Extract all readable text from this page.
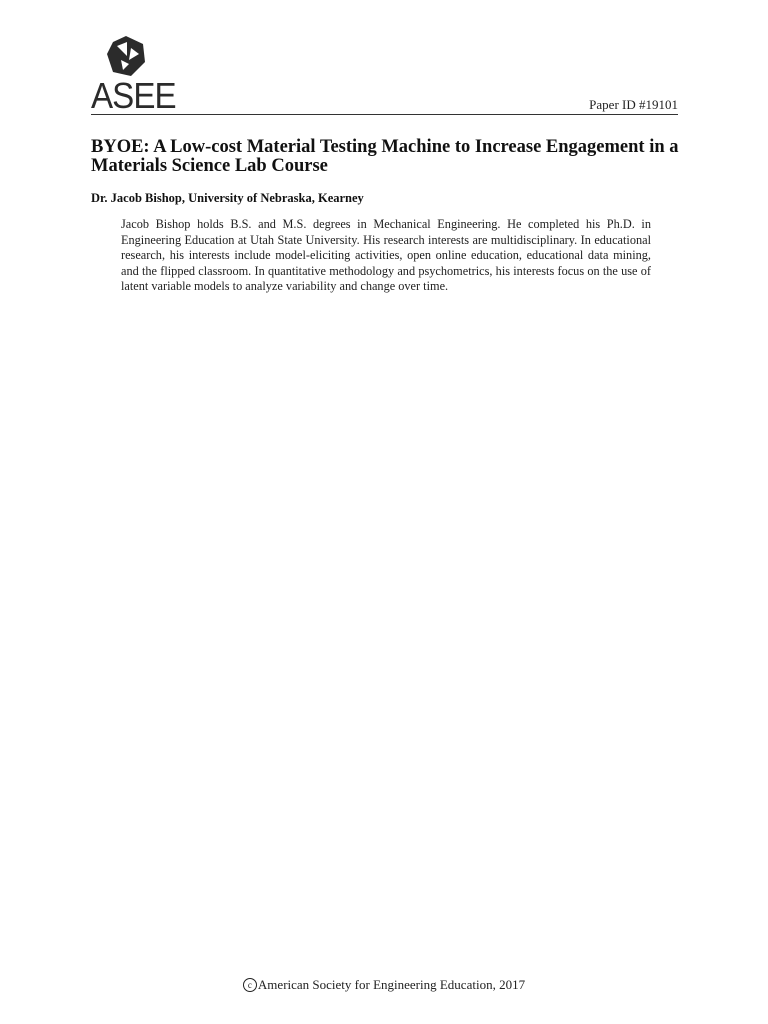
ASEE	Paper ID #19101
BYOE: A Low-cost Material Testing Machine to Increase Engagement in a Materials Science Lab Course

Dr. Jacob Bishop, University of Nebraska, Kearney

Jacob Bishop holds B.S. and M.S. degrees in Mechanical Engineering. He completed his Ph.D. in Engineering Education at Utah State University. His research interests are multidisciplinary. In educational research, his interests include model-eliciting activities, open online education, educational data mining, and the flipped classroom. In quantitative methodology and psychometrics, his interests focus on the use of latent variable models to analyze variability and change over time.

c American Society for Engineering Education, 2017
